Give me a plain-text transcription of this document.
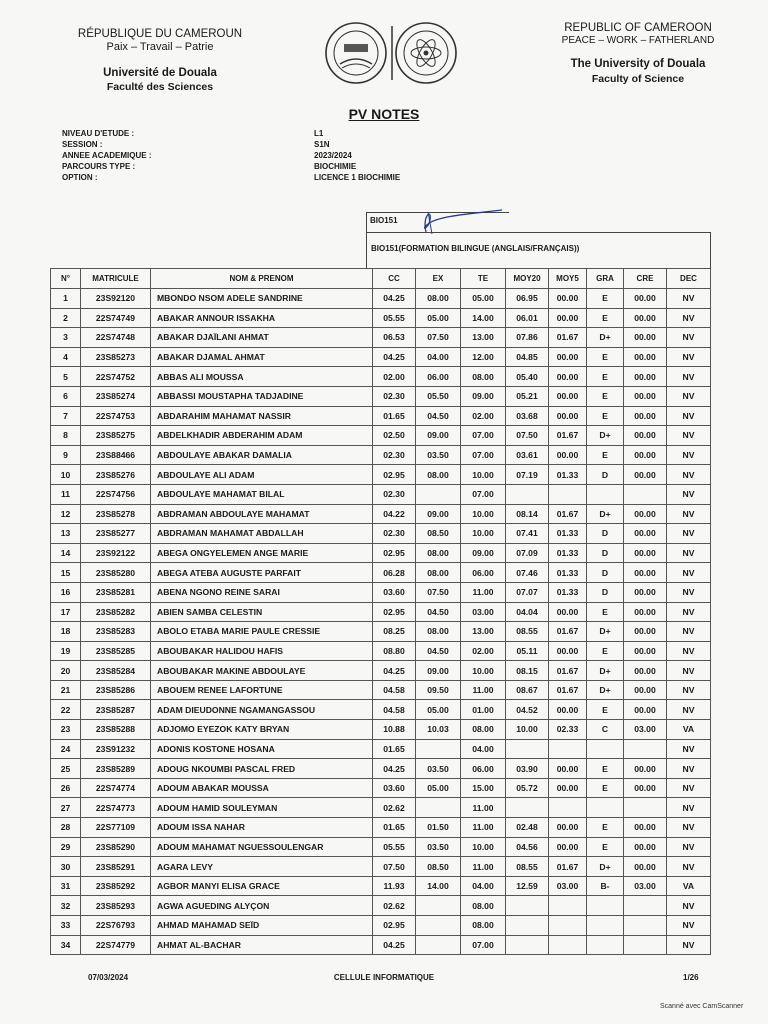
RÉPUBLIQUE DU CAMEROUN
Paix – Travail – Patrie
Université de Douala
Faculté des Sciences
REPUBLIC OF CAMEROON
PEACE – WORK – FATHERLAND
The University of Douala
Faculty of Science
PV NOTES
NIVEAU D'ETUDE :	L1
SESSION :	S1N
ANNEE ACADEMIQUE :	2023/2024
PARCOURS TYPE :	BIOCHIMIE
OPTION :	LICENCE 1 BIOCHIMIE
BIO151
BIO151(FORMATION BILINGUE (ANGLAIS/FRANÇAIS))
N°	MATRICULE	NOM & PRENOM	CC	EX	TE	MOY20	MOY5	GRA	CRE	DEC
1	23S92120	MBONDO NSOM ADELE SANDRINE	04.25	08.00	05.00	06.95	00.00	E	00.00	NV
2	22S74749	ABAKAR ANNOUR ISSAKHA	05.55	05.00	14.00	06.01	00.00	E	00.00	NV
3	22S74748	ABAKAR DJAÏLANI AHMAT	06.53	07.50	13.00	07.86	01.67	D+	00.00	NV
4	23S85273	ABAKAR DJAMAL AHMAT	04.25	04.00	12.00	04.85	00.00	E	00.00	NV
5	22S74752	ABBAS ALI MOUSSA	02.00	06.00	08.00	05.40	00.00	E	00.00	NV
6	23S85274	ABBASSI MOUSTAPHA TADJADINE	02.30	05.50	09.00	05.21	00.00	E	00.00	NV
7	22S74753	ABDARAHIM MAHAMAT NASSIR	01.65	04.50	02.00	03.68	00.00	E	00.00	NV
8	23S85275	ABDELKHADIR ABDERAHIM ADAM	02.50	09.00	07.00	07.50	01.67	D+	00.00	NV
9	23S88466	ABDOULAYE ABAKAR DAMALIA	02.30	03.50	07.00	03.61	00.00	E	00.00	NV
10	23S85276	ABDOULAYE ALI ADAM	02.95	08.00	10.00	07.19	01.33	D	00.00	NV
11	22S74756	ABDOULAYE MAHAMAT BILAL	02.30		07.00					NV
12	23S85278	ABDRAMAN ABDOULAYE MAHAMAT	04.22	09.00	10.00	08.14	01.67	D+	00.00	NV
13	23S85277	ABDRAMAN MAHAMAT ABDALLAH	02.30	08.50	10.00	07.41	01.33	D	00.00	NV
14	23S92122	ABEGA ONGYELEMEN ANGE MARIE	02.95	08.00	09.00	07.09	01.33	D	00.00	NV
15	23S85280	ABEGA ATEBA AUGUSTE PARFAIT	06.28	08.00	06.00	07.46	01.33	D	00.00	NV
16	23S85281	ABENA NGONO REINE SARAI	03.60	07.50	11.00	07.07	01.33	D	00.00	NV
17	23S85282	ABIEN SAMBA CELESTIN	02.95	04.50	03.00	04.04	00.00	E	00.00	NV
18	23S85283	ABOLO ETABA MARIE PAULE CRESSIE	08.25	08.00	13.00	08.55	01.67	D+	00.00	NV
19	23S85285	ABOUBAKAR HALIDOU HAFIS	08.80	04.50	02.00	05.11	00.00	E	00.00	NV
20	23S85284	ABOUBAKAR MAKINE ABDOULAYE	04.25	09.00	10.00	08.15	01.67	D+	00.00	NV
21	23S85286	ABOUEM RENEE LAFORTUNE	04.58	09.50	11.00	08.67	01.67	D+	00.00	NV
22	23S85287	ADAM DIEUDONNE NGAMANGASSOU	04.58	05.00	01.00	04.52	00.00	E	00.00	NV
23	23S85288	ADJOMO EYEZOK KATY BRYAN	10.88	10.03	08.00	10.00	02.33	C	03.00	VA
24	23S91232	ADONIS KOSTONE HOSANA	01.65		04.00					NV
25	23S85289	ADOUG NKOUMBI PASCAL FRED	04.25	03.50	06.00	03.90	00.00	E	00.00	NV
26	22S74774	ADOUM ABAKAR MOUSSA	03.60	05.00	15.00	05.72	00.00	E	00.00	NV
27	22S74773	ADOUM HAMID SOULEYMAN	02.62		11.00					NV
28	22S77109	ADOUM ISSA NAHAR	01.65	01.50	11.00	02.48	00.00	E	00.00	NV
29	23S85290	ADOUM MAHAMAT NGUESSOULENGAR	05.55	03.50	10.00	04.56	00.00	E	00.00	NV
30	23S85291	AGARA LEVY	07.50	08.50	11.00	08.55	01.67	D+	00.00	NV
31	23S85292	AGBOR MANYI ELISA GRACE	11.93	14.00	04.00	12.59	03.00	B-	03.00	VA
32	23S85293	AGWA AGUEDING ALYÇON	02.62		08.00					NV
33	22S76793	AHMAD MAHAMAD SEÏD	02.95		08.00					NV
34	22S74779	AHMAT AL-BACHAR	04.25		07.00					NV
07/03/2024	CELLULE INFORMATIQUE	1/26
Scanné avec CamScanner
